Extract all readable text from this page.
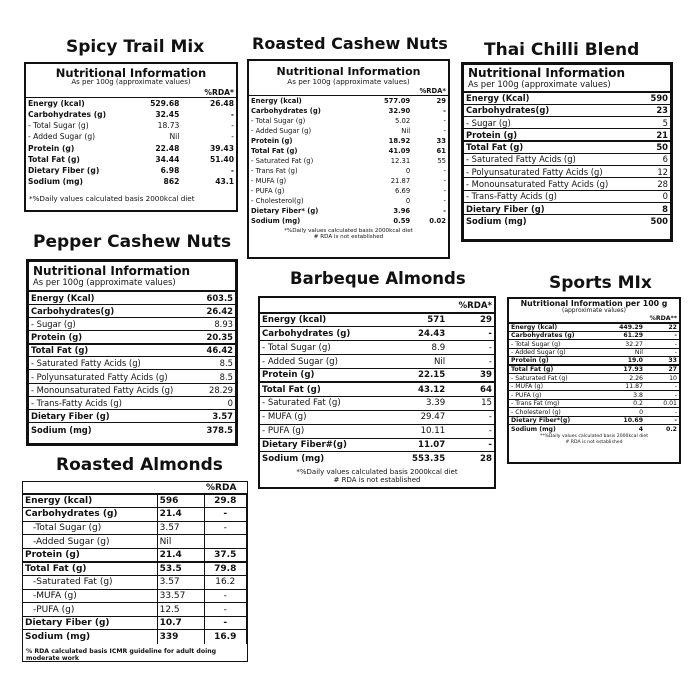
Spicy Trail Mix
Nutritional Information
As per 100g (approximate values)
		%RDA*
Energy (kcal)	529.68	26.48
Carbohydrates (g)	32.45	-
- Total Sugar (g)	18.73	-
- Added Sugar (g)	Nil	-
Protein (g)	22.48	39.43
Total Fat (g)	34.44	51.40
Dietary Fiber (g)	6.98	-
Sodium (mg)	862	43.1
*%Daily values calculated basis 2000kcal diet
Roasted Cashew Nuts
Nutritional Information
As per 100g (approximate values)
		%RDA*
Energy (kcal)	577.09	29
Carbohydrates (g)	32.90	-
- Total Sugar (g)	5.02	-
- Added Sugar (g)	Nil	-
Protein (g)	18.92	33
Total Fat (g)	41.09	61
- Saturated Fat (g)	12.31	55
- Trans Fat (g)	0	-
- MUFA (g)	21.87	-
- PUFA (g)	6.69	-
- Cholesterol(g)	0	-
Dietary Fiber* (g)	3.96	-
Sodium (mg)	0.59	0.02
*%Daily values calculated basis 2000kcal diet
# RDA is not established
Thai Chilli Blend
Nutritional Information
As per 100g (approximate values)
Energy (Kcal)	590
Carbohydrates(g)	23
- Sugar (g)	5
Protein (g)	21
Total Fat (g)	50
- Saturated Fatty Acids (g)	6
- Polyunsaturated Fatty Acids (g)	12
- Monounsaturated Fatty Acids (g)	28
- Trans-Fatty Acids (g)	0
Dietary Fiber (g)	8
Sodium (mg)	500
Pepper Cashew Nuts
Nutritional Information
As per 100g (approximate values)
Energy (Kcal)	603.5
Carbohydrates(g)	26.42
- Sugar (g)	8.93
Protein (g)	20.35
Total Fat (g)	46.42
- Saturated Fatty Acids (g)	8.5
- Polyunsaturated Fatty Acids (g)	8.5
- Monounsaturated Fatty Acids (g)	28.29
- Trans-Fatty Acids (g)	0
Dietary Fiber (g)	3.57
Sodium (mg)	378.5
Barbeque Almonds
		%RDA*
Energy (kcal)	571	29
Carbohydrates (g)	24.43	-
- Total Sugar (g)	8.9	-
- Added Sugar (g)	Nil	-
Protein (g)	22.15	39
Total Fat (g)	43.12	64
- Saturated Fat (g)	3.39	15
- MUFA (g)	29.47	-
- PUFA (g)	10.11	-
Dietary Fiber#(g)	11.07	-
Sodium (mg)	553.35	28
*%Daily values calculated basis 2000kcal diet
# RDA is not established
Sports MIx
Nutritional Information per 100 g
(approximate values)
		%RDA**
Energy (kcal)	449.29	22
Carbohydrates (g)	61.29	-
- Total Sugar (g)	32.27	-
- Added Sugar (g)	Nil	-
Protein (g)	19.0	33
Total Fat (g)	17.93	27
- Saturated Fat (g)	2.26	10
- MUFA (g)	11.87	-
- PUFA (g)	3.8	-
- Trans Fat (mg)	0.2	0.01
- Cholesterol (g)	0	-
Dietary Fiber*(g)	10.69	-
Sodium (mg)	4	0.2
**%Daily values calculated basis 2000kcal diet
# RDA is not established
Roasted Almonds
		%RDA
Energy (kcal)	596	29.8
Carbohydrates (g)	21.4	-
-Total Sugar (g)	3.57	-
-Added Sugar (g)	Nil	
Protein (g)	21.4	37.5
Total Fat (g)	53.5	79.8
-Saturated Fat (g)	3.57	16.2
-MUFA (g)	33.57	-
-PUFA (g)	12.5	-
Dietary Fiber (g)	10.7	-
Sodium (mg)	339	16.9
% RDA calculated basis ICMR guideline for adult doing moderate work
